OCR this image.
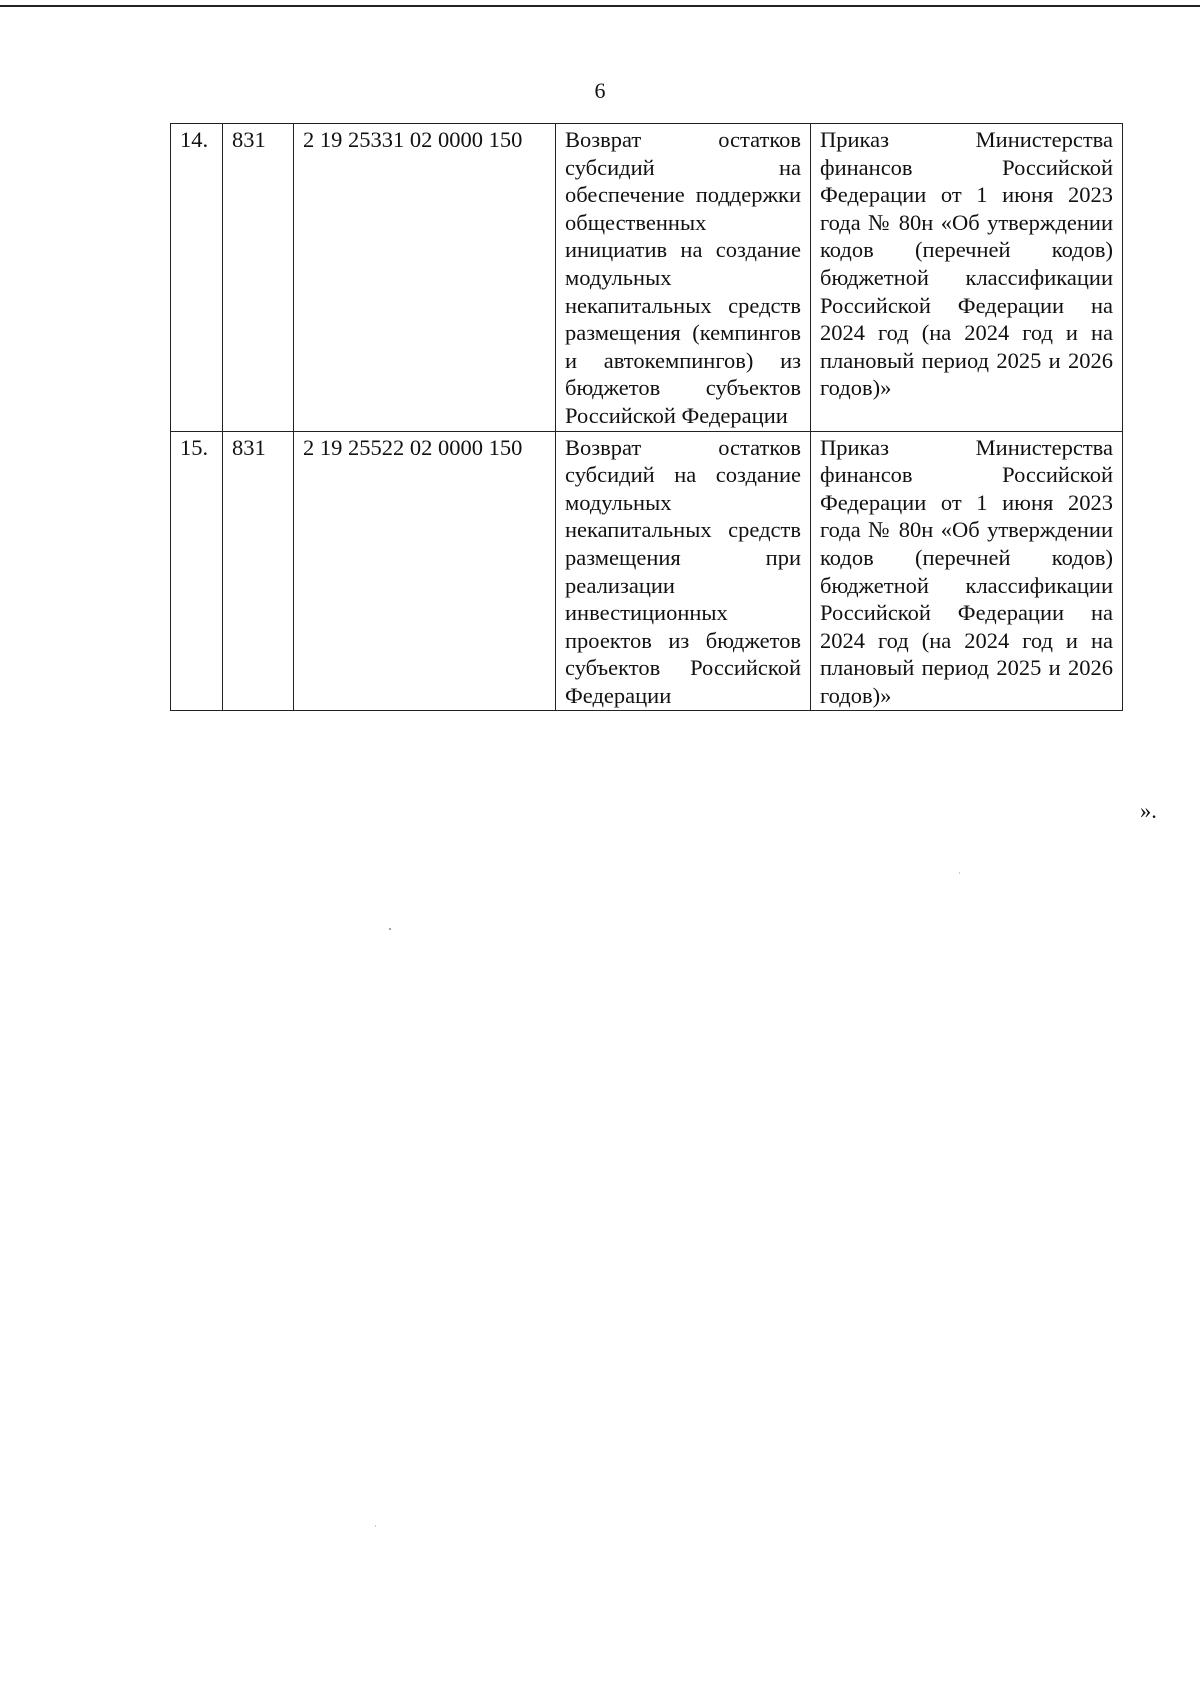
6
14.	831	2 19 25331 02 0000 150	Возврат остатков субсидий на обеспечение поддержки общественных инициатив на создание модульных некапитальных средств размещения (кемпингов и автокемпингов) из бюджетов субъектов Российской Федерации	Приказ Министерства финансов Российской Федерации от 1 июня 2023 года № 80н «Об утверждении кодов (перечней кодов) бюджетной классификации Российской Федерации на 2024 год (на 2024 год и на плановый период 2025 и 2026 годов)»
15.	831	2 19 25522 02 0000 150	Возврат остатков субсидий на создание модульных некапитальных средств размещения при реализации инвестиционных проектов из бюджетов субъектов Российской Федерации	Приказ Министерства финансов Российской Федерации от 1 июня 2023 года № 80н «Об утверждении кодов (перечней кодов) бюджетной классификации Российской Федерации на 2024 год (на 2024 год и на плановый период 2025 и 2026 годов)»
».
